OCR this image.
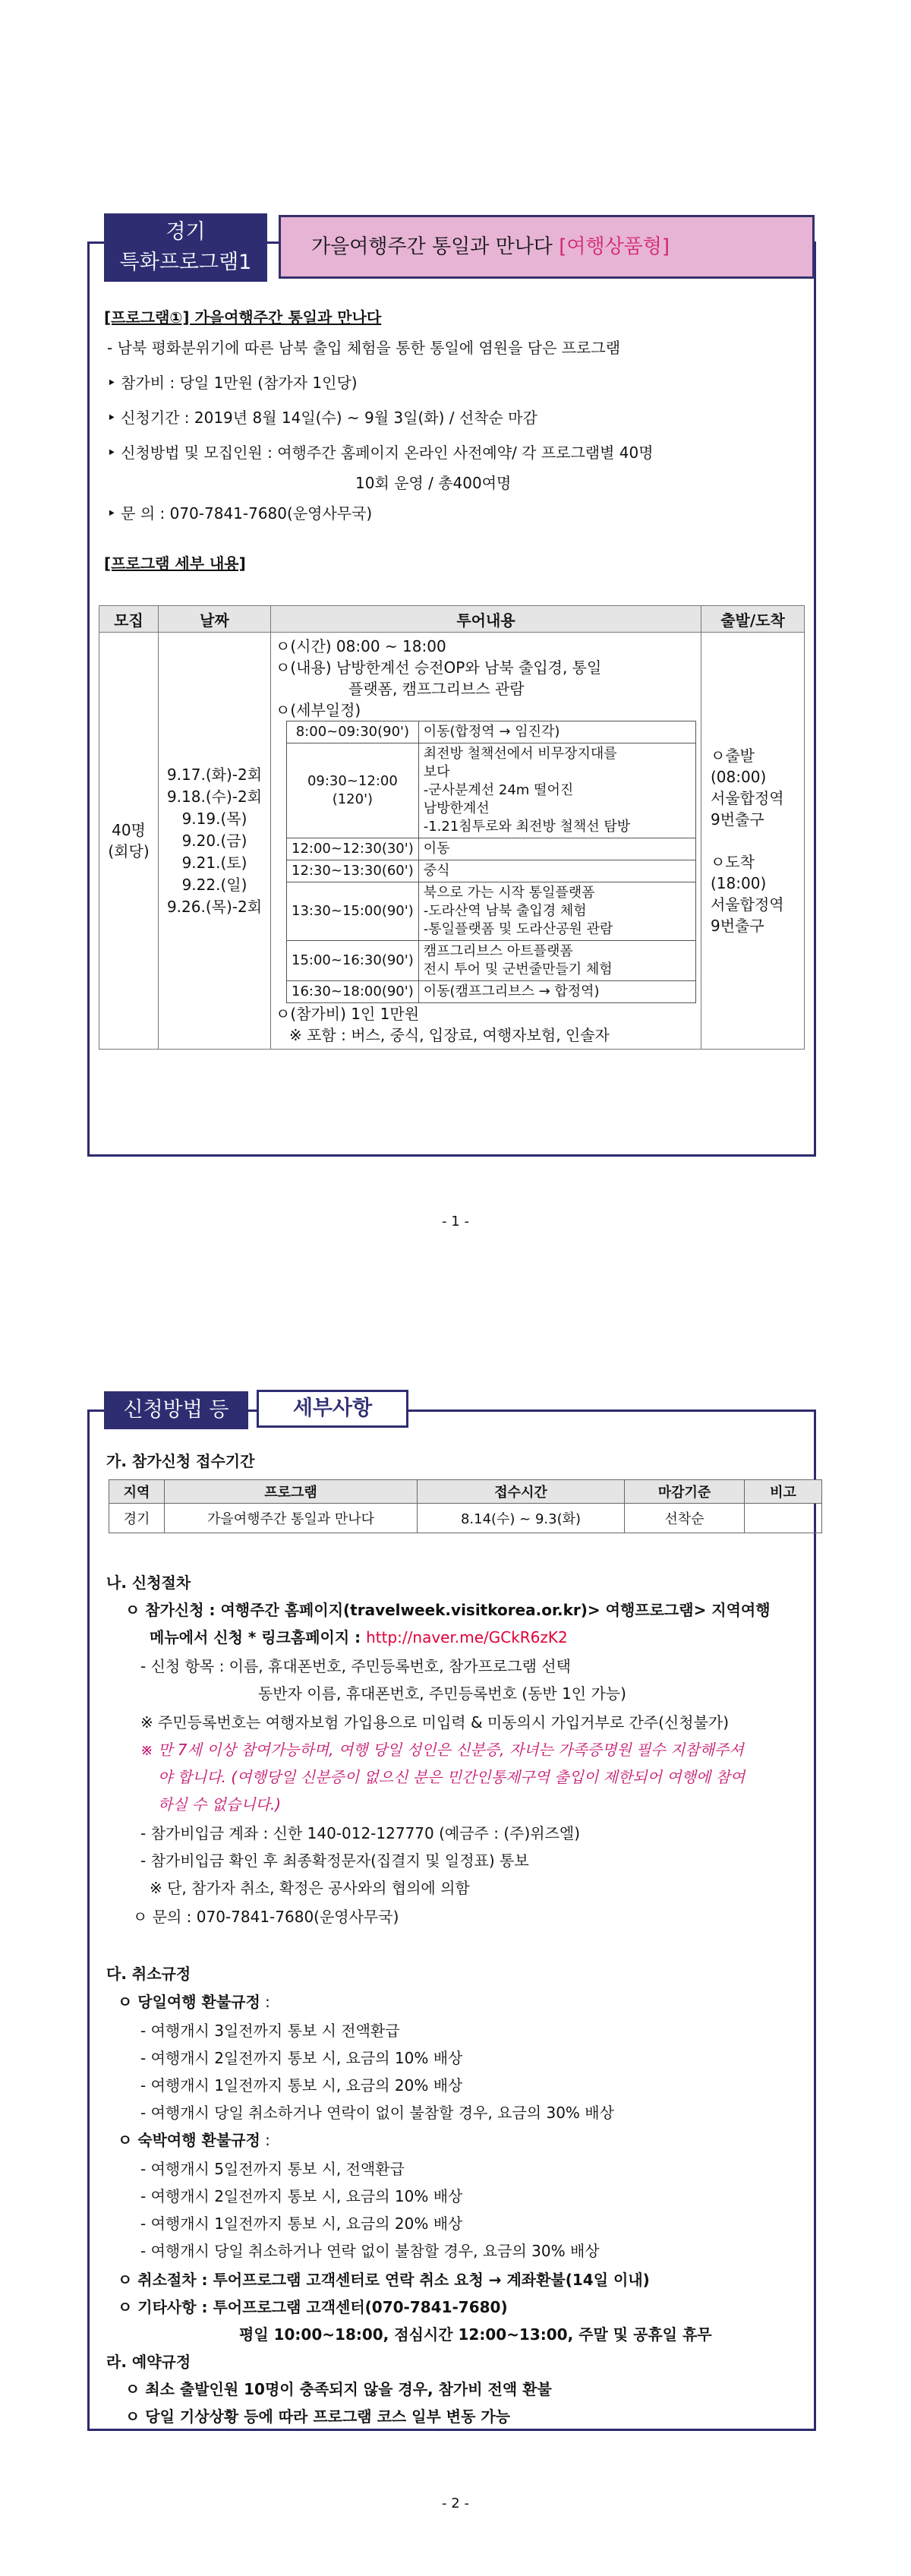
경기
특화프로그램1
가을여행주간 통일과 만나다 [여행상품형]
[프로그램①] 가을여행주간 통일과 만나다
- 남북 평화분위기에 따른 남북 출입 체험을 통한 통일에 염원을 담은 프로그램
‣ 참가비 : 당일 1만원 (참가자 1인당)
‣ 신청기간 : 2019년 8월 14일(수) ~ 9월 3일(화) / 선착순 마감
‣ 신청방법 및 모집인원 : 여행주간 홈페이지 온라인 사전예약/ 각 프로그램별 40명
10회 운영 / 총400여명
‣ 문 의 : 070-7841-7680(운영사무국)
[프로그램 세부 내용]
모집	날짜	투어내용	출발/도착

40명
(회당)

9.17.(화)-2회
9.18.(수)-2회
9.19.(목)
9.20.(금)
9.21.(토)
9.22.(일)
9.26.(목)-2회

ㅇ(시간) 08:00 ~ 18:00
ㅇ(내용) 남방한계선 승전OP와 남북 출입경, 통일
플랫폼, 캠프그리브스 관람
ㅇ(세부일정)
8:00~09:30(90')	이동(합정역 → 임진각)
09:30~12:00
(120')	최전방 철책선에서 비무장지대를
보다
-군사분계선 24m 떨어진
남방한계선
-1.21침투로와 최전방 철책선 탐방
12:00~12:30(30')	이동
12:30~13:30(60')	중식
13:30~15:00(90')	북으로 가는 시작 통일플랫폼
-도라산역 남북 출입경 체험
-통일플랫폼 및 도라산공원 관람
15:00~16:30(90')	캠프그리브스 아트플랫폼
전시 투어 및 군번줄만들기 체험
16:30~18:00(90')	이동(캠프그리브스 → 합정역)
ㅇ(참가비) 1인 1만원
※ 포함 : 버스, 중식, 입장료, 여행자보험, 인솔자

ㅇ출발
(08:00)
서울합정역
9번출구
ㅇ도착
(18:00)
서울합정역
9번출구
- 1 -
신청방법 등	세부사항
가. 참가신청 접수기간
지역	프로그램	접수시간	마감기준	비고
경기	가을여행주간 통일과 만나다	8.14(수) ~ 9.3(화)	선착순	
나. 신청절차
ㅇ 참가신청 : 여행주간 홈페이지(travelweek.visitkorea.or.kr)> 여행프로그램> 지역여행
메뉴에서 신청 * 링크홈페이지 : http://naver.me/GCkR6zK2
- 신청 항목 : 이름, 휴대폰번호, 주민등록번호, 참가프로그램 선택
동반자 이름, 휴대폰번호, 주민등록번호 (동반 1인 가능)
※ 주민등록번호는 여행자보험 가입용으로 미입력 & 미동의시 가입거부로 간주(신청불가)
※ 만 7세 이상 참여가능하며, 여행 당일 성인은 신분증, 자녀는 가족증명원 필수 지참해주셔
야 합니다. (여행당일 신분증이 없으신 분은 민간인통제구역 출입이 제한되어 여행에 참여
하실 수 없습니다.)
- 참가비입금 계좌 : 신한 140-012-127770 (예금주 : (주)위즈엘)
- 참가비입금 확인 후 최종확정문자(집결지 및 일정표) 통보
※ 단, 참가자 취소, 확정은 공사와의 협의에 의함
ㅇ 문의 : 070-7841-7680(운영사무국)
다. 취소규정
ㅇ 당일여행 환불규정 :
- 여행개시 3일전까지 통보 시 전액환급
- 여행개시 2일전까지 통보 시, 요금의 10% 배상
- 여행개시 1일전까지 통보 시, 요금의 20% 배상
- 여행개시 당일 취소하거나 연락이 없이 불참할 경우, 요금의 30% 배상
ㅇ 숙박여행 환불규정 :
- 여행개시 5일전까지 통보 시, 전액환급
- 여행개시 2일전까지 통보 시, 요금의 10% 배상
- 여행개시 1일전까지 통보 시, 요금의 20% 배상
- 여행개시 당일 취소하거나 연락 없이 불참할 경우, 요금의 30% 배상
ㅇ 취소절차 : 투어프로그램 고객센터로 연락 취소 요청 → 계좌환불(14일 이내)
ㅇ 기타사항 : 투어프로그램 고객센터(070-7841-7680)
평일 10:00~18:00, 점심시간 12:00~13:00, 주말 및 공휴일 휴무
라. 예약규정
ㅇ 최소 출발인원 10명이 충족되지 않을 경우, 참가비 전액 환불
ㅇ 당일 기상상황 등에 따라 프로그램 코스 일부 변동 가능
- 2 -
